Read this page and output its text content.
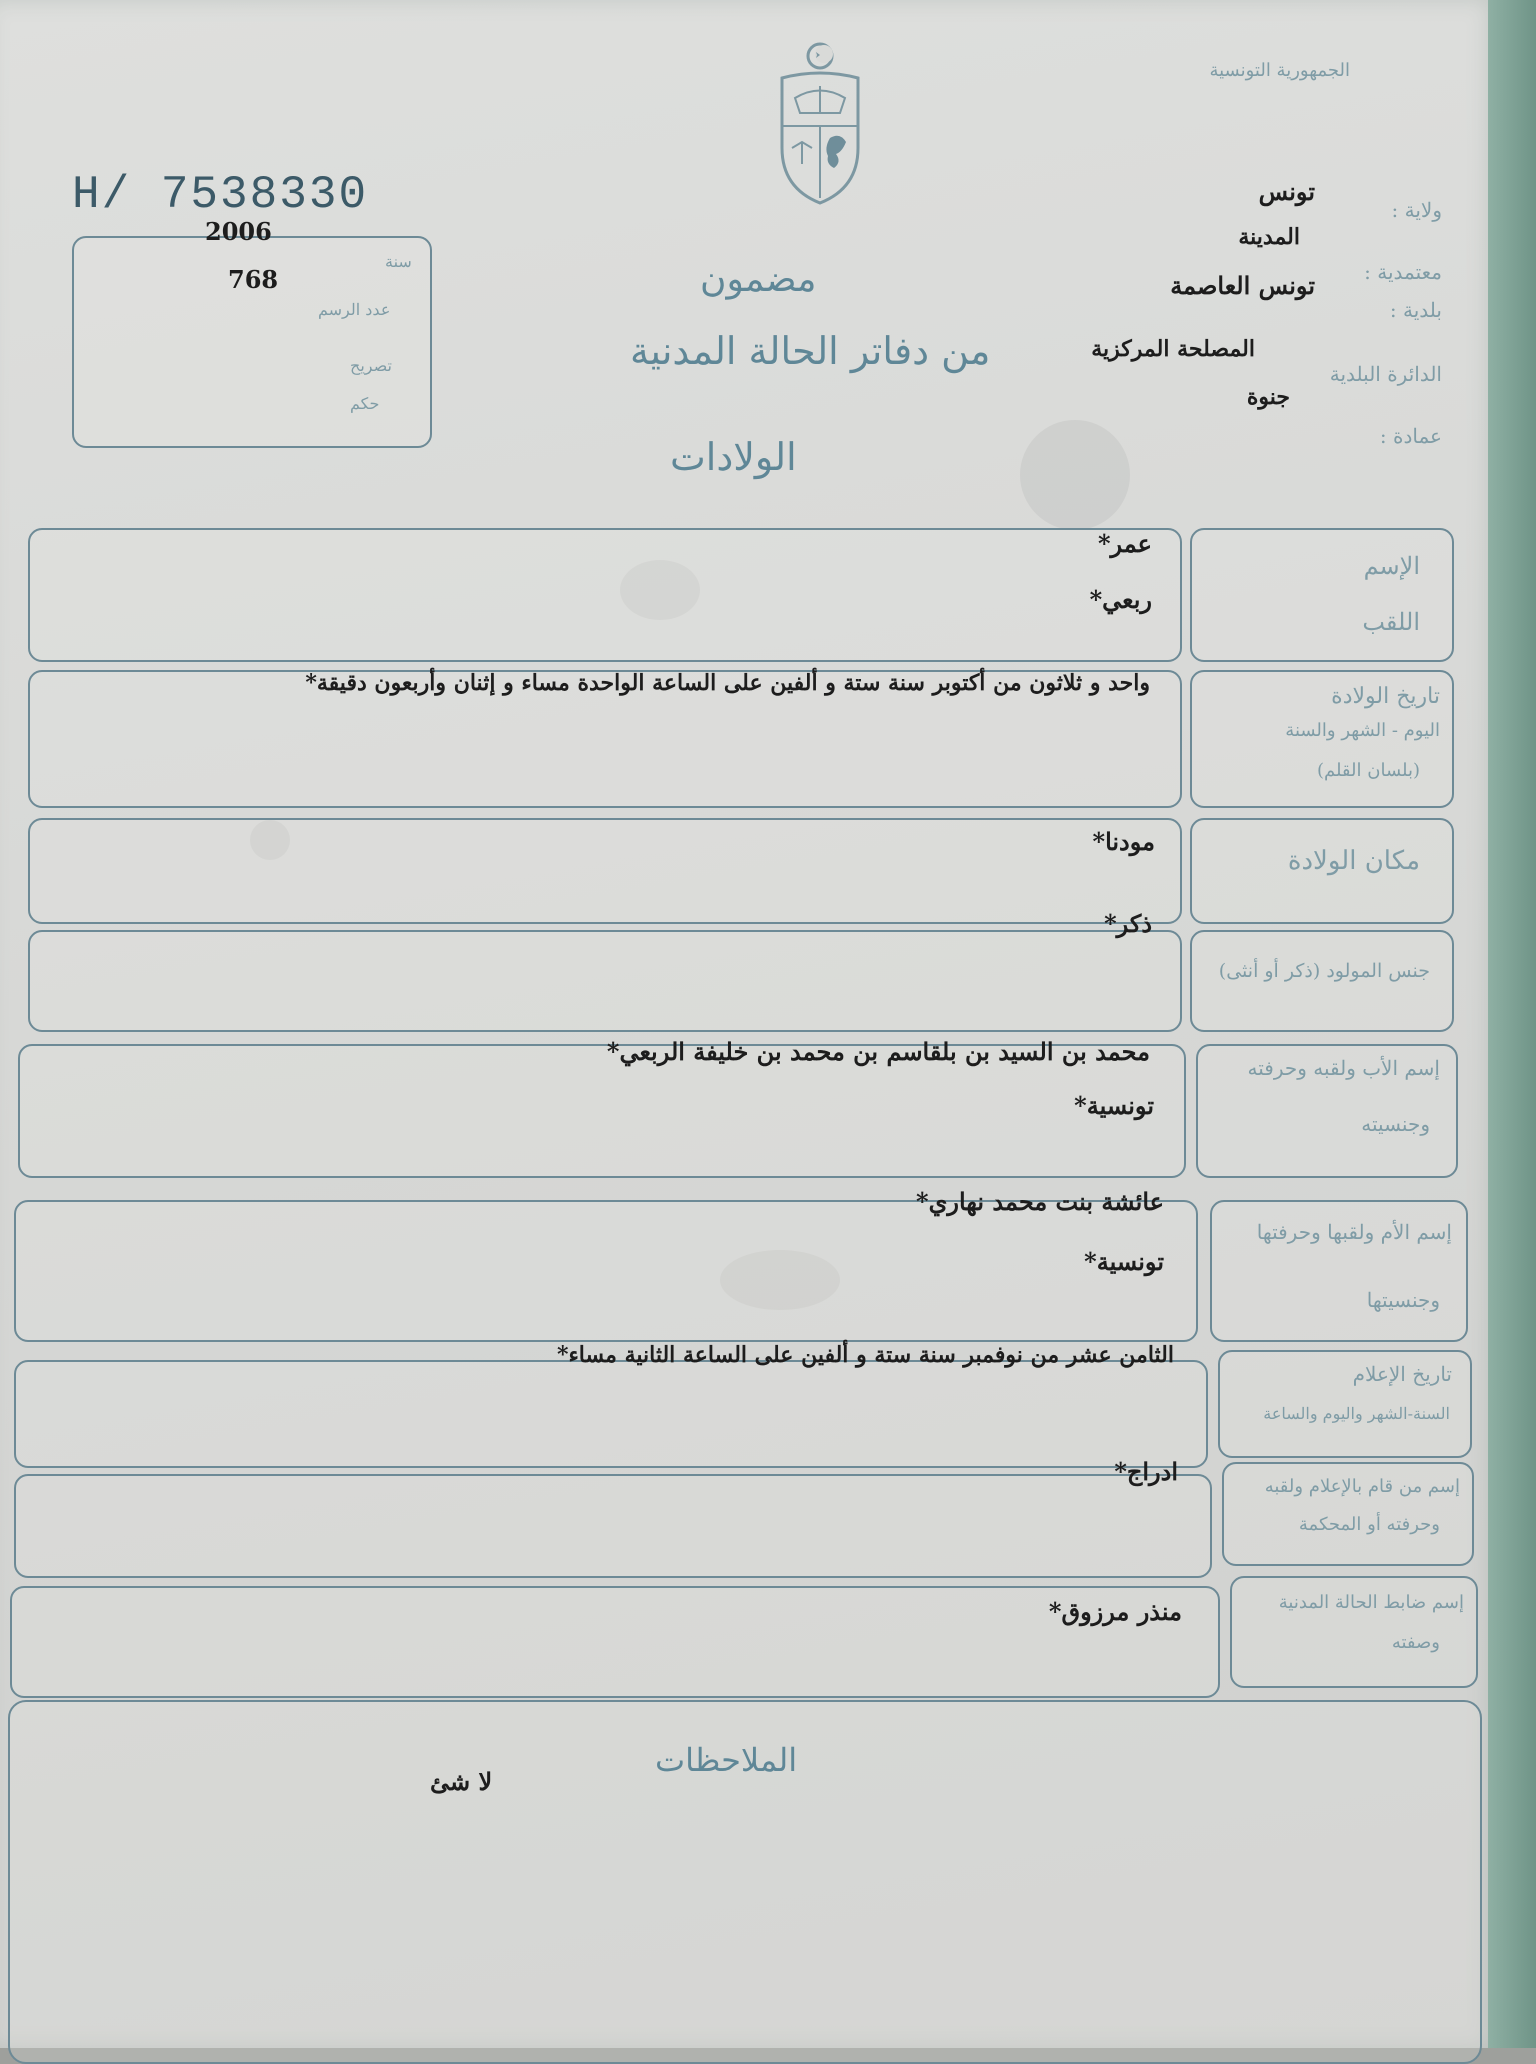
الجمهورية التونسية
H/ 7538330	ولاية :
تونس
المدينة
معتمدية :
تونس العاصمة
بلدية :
الدائرة البلدية
المصلحة المركزية
جنوة
عمادة :
2006
سنة
768
عدد الرسم
تصريح
حكم
مضمون
من دفاتر الحالة المدنية
الولادات
الإسم
اللقب
عمر*
ربعي*
تاريخ الولادة
اليوم - الشهر والسنة
(بلسان القلم)
واحد و ثلاثون من أكتوبر سنة ستة و ألفين على الساعة الواحدة مساء و إثنان وأربعون دقيقة*
مكان الولادة
مودنا*
جنس المولود (ذكر أو أنثى)
ذكر*
إسم الأب ولقبه وحرفته
وجنسيته
محمد بن السيد بن بلقاسم بن محمد بن خليفة الربعي*
تونسية*
إسم الأم ولقبها وحرفتها
وجنسيتها
عائشة بنت محمد نهاري*
تونسية*
تاريخ الإعلام
السنة-الشهر واليوم والساعة
الثامن عشر من نوفمبر سنة ستة و ألفين على الساعة الثانية مساء*
إسم من قام بالإعلام ولقبه
وحرفته أو المحكمة
ادراج*
إسم ضابط الحالة المدنية
وصفته
منذر مرزوق*
الملاحظات
لا شئ
